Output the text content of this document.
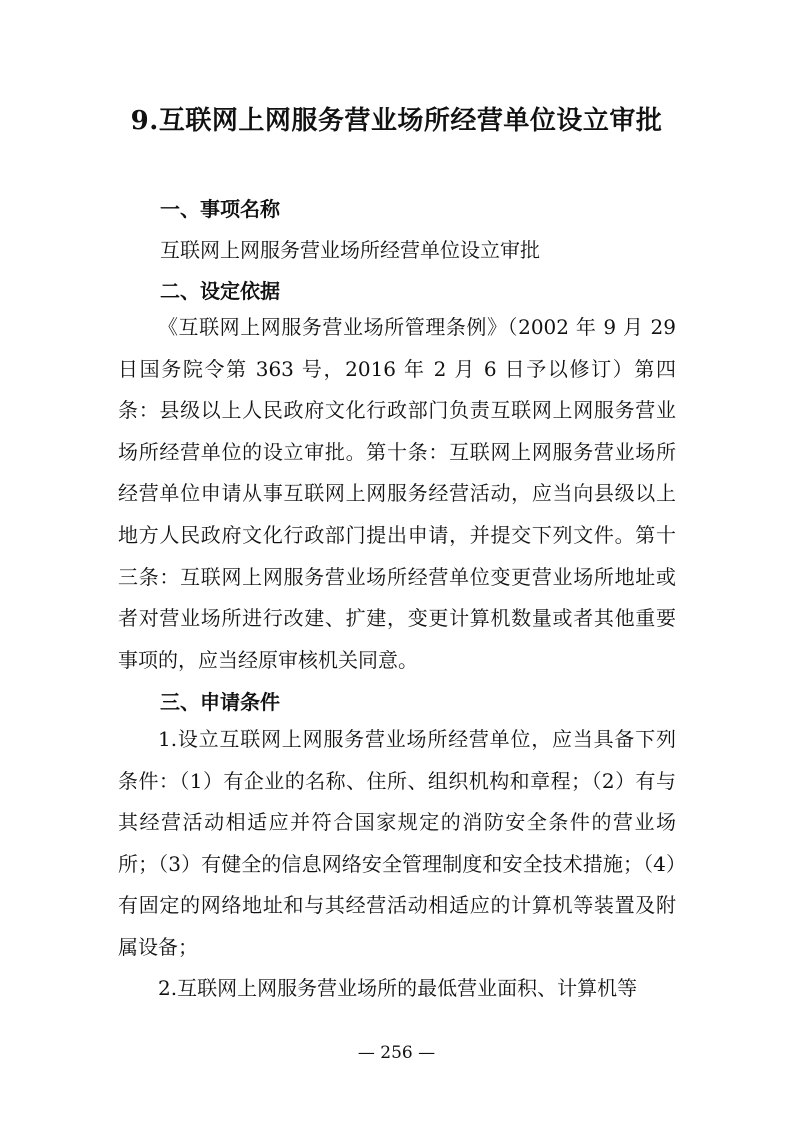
9.互联网上网服务营业场所经营单位设立审批
一、事项名称
互联网上网服务营业场所经营单位设立审批
二、设定依据

《互联网上网服务营业场所管理条例》（2002 年 9 月 29 日国务院令第 363 号，2016 年 2 月 6 日予以修订）第四条：县级以上人民政府文化行政部门负责互联网上网服务营业场所经营单位的设立审批。第十条：互联网上网服务营业场所经营单位申请从事互联网上网服务经营活动，应当向县级以上地方人民政府文化行政部门提出申请，并提交下列文件。第十三条：互联网上网服务营业场所经营单位变更营业场所地址或者对营业场所进行改建、扩建，变更计算机数量或者其他重要事项的，应当经原审核机关同意。

三、申请条件

1.设立互联网上网服务营业场所经营单位，应当具备下列条件：（1）有企业的名称、住所、组织机构和章程；（2）有与其经营活动相适应并符合国家规定的消防安全条件的营业场所；（3）有健全的信息网络安全管理制度和安全技术措施；（4）有固定的网络地址和与其经营活动相适应的计算机等装置及附属设备；

2.互联网上网服务营业场所的最低营业面积、计算机等

— 256 —
